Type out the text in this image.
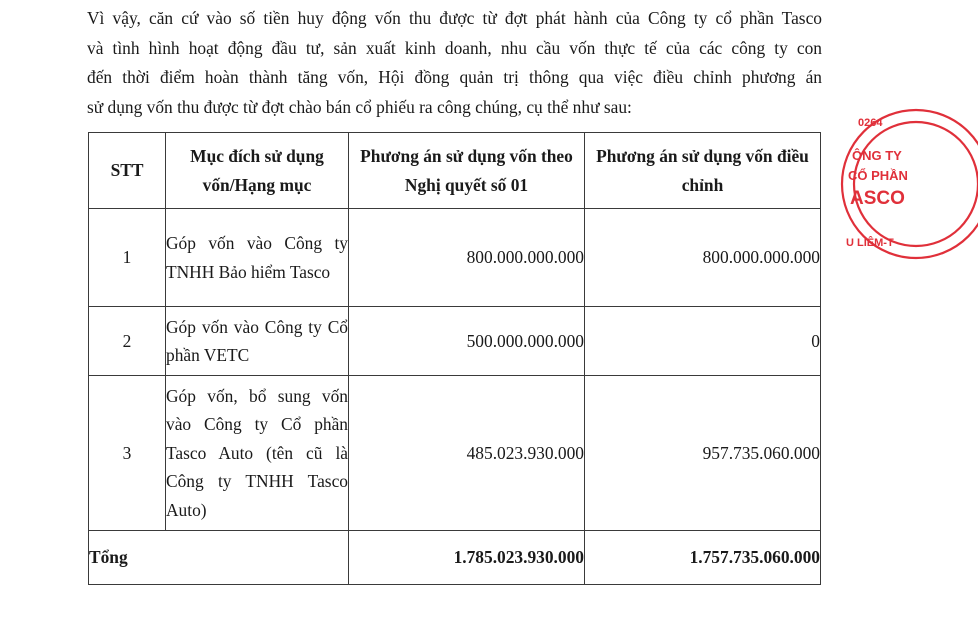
Vì vậy, căn cứ vào số tiền huy động vốn thu được từ đợt phát hành của Công ty cổ phần Tasco
và tình hình hoạt động đầu tư, sản xuất kinh doanh, nhu cầu vốn thực tế của các công ty con
đến thời điểm hoàn thành tăng vốn, Hội đồng quản trị thông qua việc điều chỉnh phương án
sử dụng vốn thu được từ đợt chào bán cổ phiếu ra công chúng, cụ thể như sau:
STT	Mục đích sử dụng vốn/Hạng mục	Phương án sử dụng vốn theo Nghị quyết số 01	Phương án sử dụng vốn điều chỉnh
1	Góp vốn vào Công ty TNHH Bảo hiểm Tasco	800.000.000.000	800.000.000.000
2	Góp vốn vào Công ty Cổ phần VETC	500.000.000.000	0
3	Góp vốn, bổ sung vốn vào Công ty Cổ phần Tasco Auto (tên cũ là Công ty TNHH Tasco Auto)	485.023.930.000	957.735.060.000
Tổng		1.785.023.930.000	1.757.735.060.000
0264
ÔNG TY
CỔ PHẦN
ASCO
U LIÊM-T
